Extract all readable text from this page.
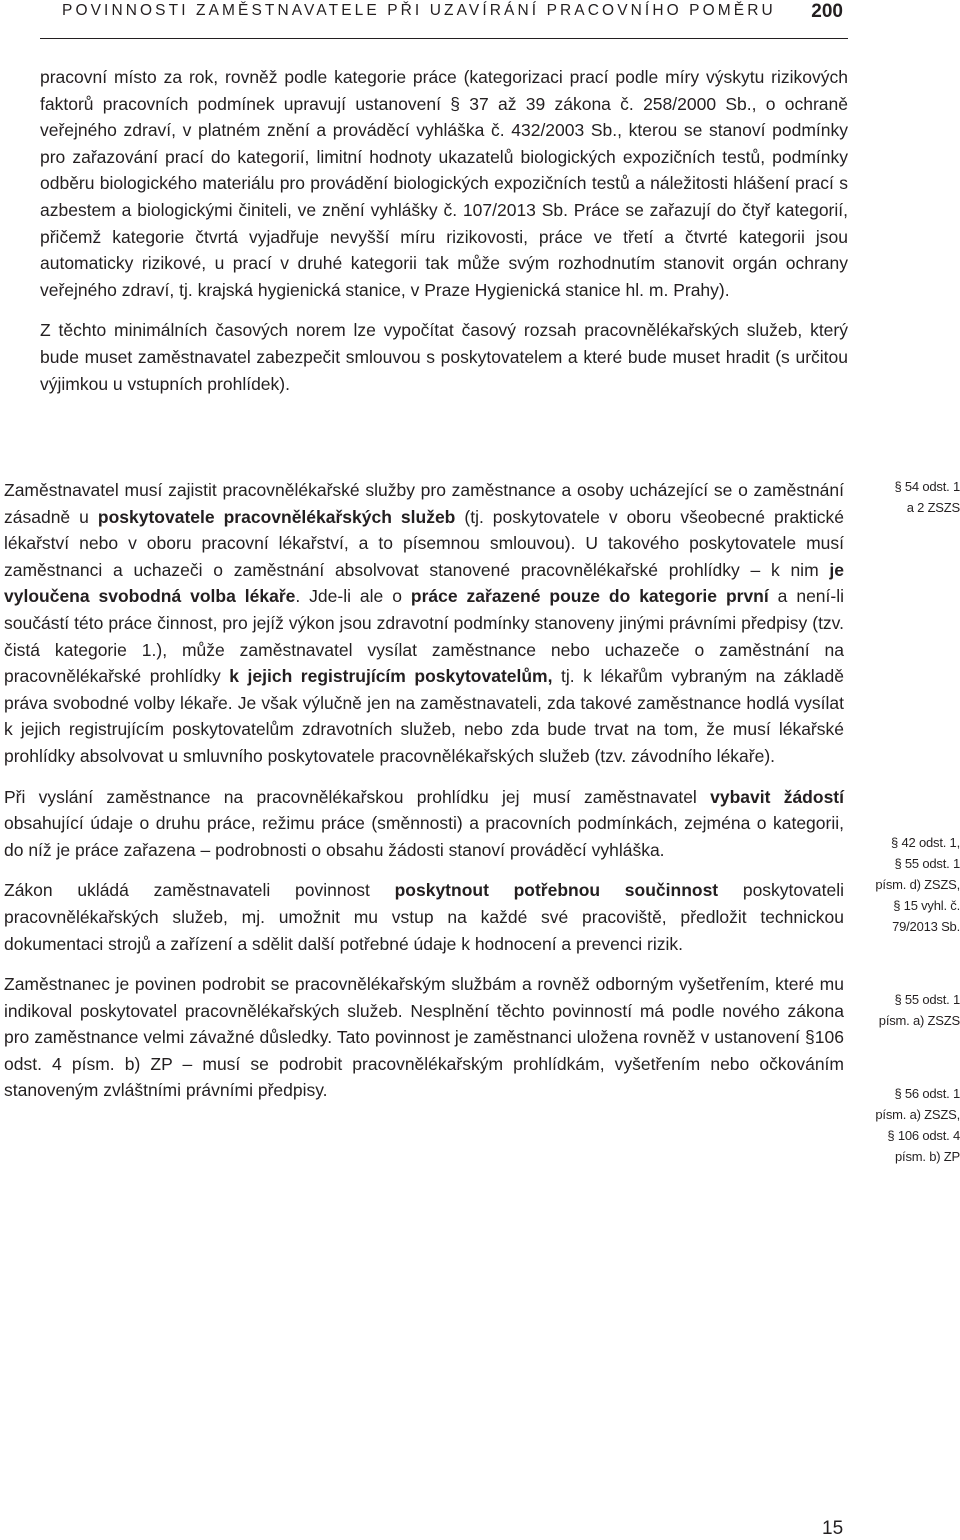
POVINNOSTI ZAMĚSTNAVATELE PŘI UZAVÍRÁNÍ PRACOVNÍHO POMĚRU 200

pracovní místo za rok, rovněž podle kategorie práce (kategorizaci prací podle míry výskytu rizikových faktorů pracovních podmínek upravují ustanovení § 37 až 39 zákona č. 258/2000 Sb., o ochraně veřejného zdraví, v platném znění a prováděcí vyhláška č. 432/2003 Sb., kterou se stanoví podmínky pro zařazování prací do kategorií, limitní hodnoty ukazatelů biologických expozičních testů, podmínky odběru biologického materiálu pro provádění biologických expozičních testů a náležitosti hlášení prací s azbestem a biologickými činiteli, ve znění vyhlášky č. 107/2013 Sb. Práce se zařazují do čtyř kategorií, přičemž kategorie čtvrtá vyjadřuje nevyšší míru rizikovosti, práce ve třetí a čtvrté kategorii jsou automaticky rizikové, u prací v druhé kategorii tak může svým rozhodnutím stanovit orgán ochrany veřejného zdraví, tj. krajská hygienická stanice, v Praze Hygienická stanice hl. m. Prahy).

Z těchto minimálních časových norem lze vypočítat časový rozsah pracovnělékařských služeb, který bude muset zaměstnavatel zabezpečit smlouvou s poskytovatelem a které bude muset hradit (s určitou výjimkou u vstupních prohlídek).

Zaměstnavatel musí zajistit pracovnělékařské služby pro zaměstnance a osoby ucházející se o zaměstnání zásadně u poskytovatele pracovnělékařských služeb (tj. poskytovatele v oboru všeobecné praktické lékařství nebo v oboru pracovní lékařství, a to písemnou smlouvou). U takového poskytovatele musí zaměstnanci a uchazeči o zaměstnání absolvovat stanovené pracovnělékařské prohlídky – k nim je vyloučena svobodná volba lékaře. Jde-li ale o práce zařazené pouze do kategorie první a není-li součástí této práce činnost, pro jejíž výkon jsou zdravotní podmínky stanoveny jinými právními předpisy (tzv. čistá kategorie 1.), může zaměstnavatel vysílat zaměstnance nebo uchazeče o zaměstnání na pracovnělékařské prohlídky k jejich registrujícím poskytovatelům, tj. k lékařům vybraným na základě práva svobodné volby lékaře. Je však výlučně jen na zaměstnavateli, zda takové zaměstnance hodlá vysílat k jejich registrujícím poskytovatelům zdravotních služeb, nebo zda bude trvat na tom, že musí lékařské prohlídky absolvovat u smluvního poskytovatele pracovnělékařských služeb (tzv. závodního lékaře).

Při vyslání zaměstnance na pracovnělékařskou prohlídku jej musí zaměstnavatel vybavit žádostí obsahující údaje o druhu práce, režimu práce (směnnosti) a pracovních podmínkách, zejména o kategorii, do níž je práce zařazena – podrobnosti o obsahu žádosti stanoví prováděcí vyhláška.

Zákon ukládá zaměstnavateli povinnost poskytnout potřebnou součinnost poskytovateli pracovnělékařských služeb, mj. umožnit mu vstup na každé své pracoviště, předložit technickou dokumentaci strojů a zařízení a sdělit další potřebné údaje k hodnocení a prevenci rizik.

Zaměstnanec je povinen podrobit se pracovnělékařským službám a rovněž odborným vyšetřením, které mu indikoval poskytovatel pracovnělékařských služeb. Nesplnění těchto povinností má podle nového zákona pro zaměstnance velmi závažné důsledky. Tato povinnost je zaměstnanci uložena rovněž v ustanovení §106 odst. 4 písm. b) ZP – musí se podrobit pracovnělékařským prohlídkám, vyšetřením nebo očkováním stanoveným zvláštními právními předpisy.

§ 54 odst. 1
a 2 ZSZS
§ 42 odst. 1,
§ 55 odst. 1
písm. d) ZSZS,
§ 15 vyhl. č.
79/2013 Sb.
§ 55 odst. 1
písm. a) ZSZS
§ 56 odst. 1
písm. a) ZSZS,
§ 106 odst. 4
písm. b) ZP
15
